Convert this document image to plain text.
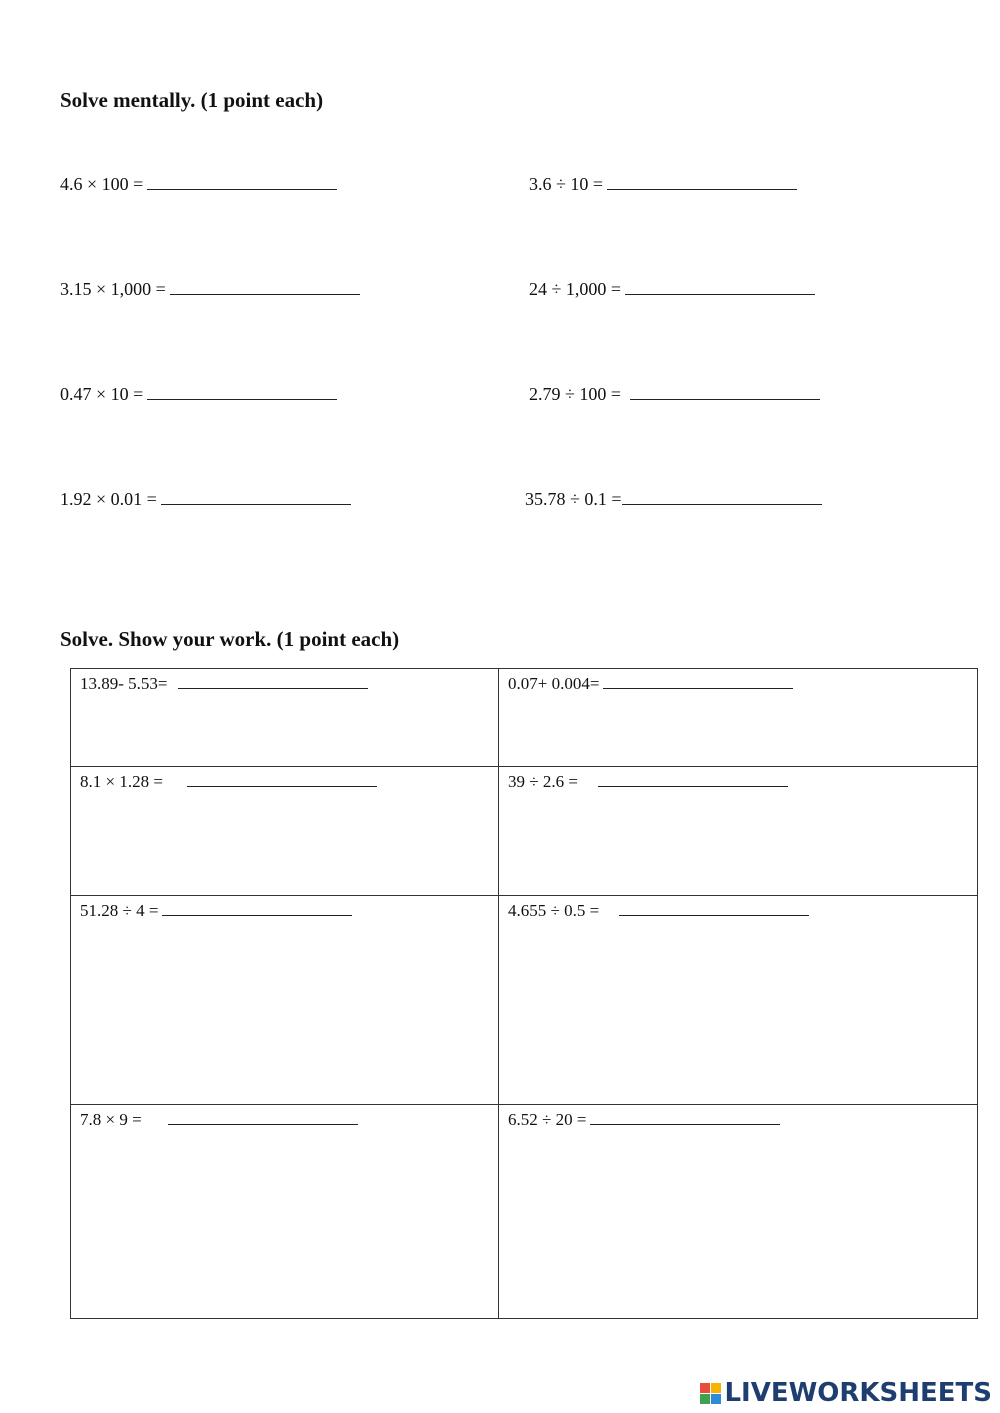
Solve mentally. (1 point each)
4.6 × 100 =	3.6 ÷ 10 =
3.15 × 1,000 =	24 ÷ 1,000 =
0.47 × 10 =	2.79 ÷ 100 =
1.92 × 0.01 =	35.78 ÷ 0.1 =
Solve. Show your work. (1 point each)
13.89- 5.53=	0.07+ 0.004=
8.1 × 1.28 =	39 ÷ 2.6 =
51.28 ÷ 4 =	4.655 ÷ 0.5 =
7.8 × 9 =	6.52 ÷ 20 =
LIVEWORKSHEETS
